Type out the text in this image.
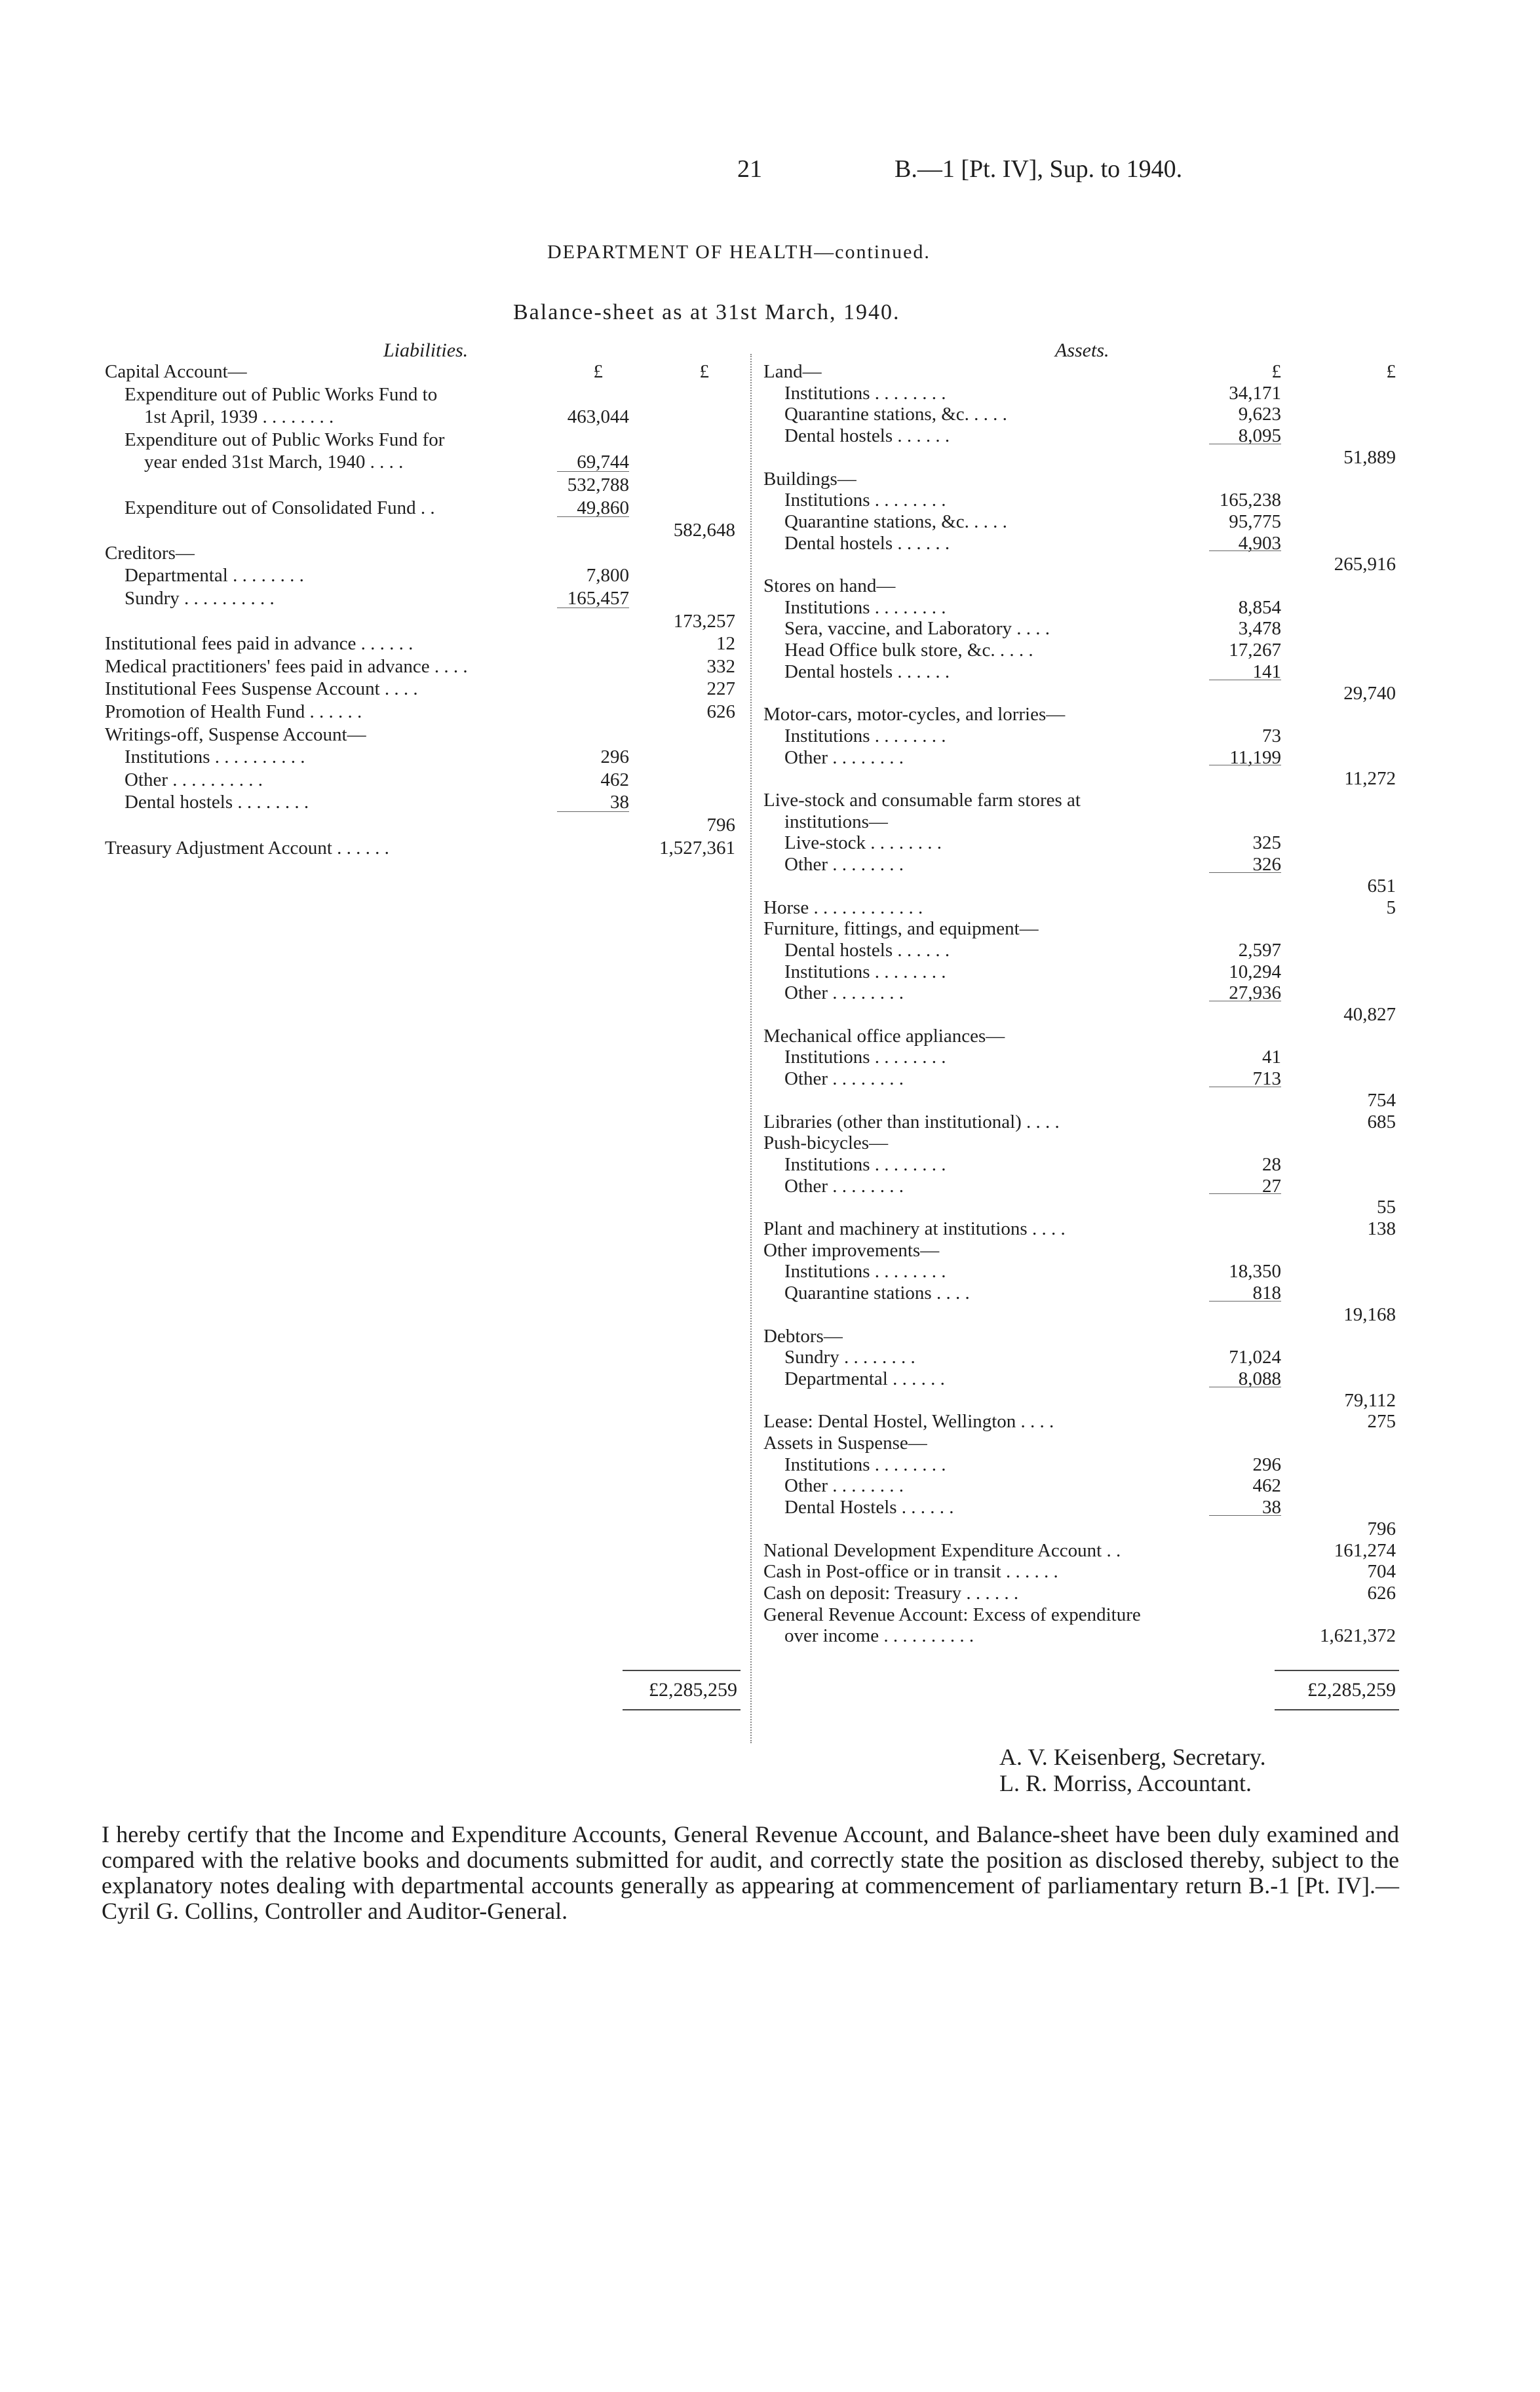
21	B.—1 [Pt. IV], Sup. to 1940.
DEPARTMENT OF HEALTH—continued.
Balance-sheet as at 31st March, 1940.
Liabilities.	Assets.
Capital Account—	£	£
Expenditure out of Public Works Fund to
1st April, 1939 . . . . . . . .	463,044
Expenditure out of Public Works Fund for
year ended 31st March, 1940 . . . .	69,744
532,788
Expenditure out of Consolidated Fund . .	49,860
582,648
Creditors—
Departmental . . . . . . . .	7,800
Sundry . . . . . . . . . .	165,457
173,257
Institutional fees paid in advance . . . . . .	12
Medical practitioners' fees paid in advance . . . .	332
Institutional Fees Suspense Account . . . .	227
Promotion of Health Fund . . . . . .	626
Writings-off, Suspense Account—
Institutions . . . . . . . . . .	296
Other . . . . . . . . . .	462
Dental hostels . . . . . . . .	38
796
Treasury Adjustment Account . . . . . .	1,527,361
Land—	£	£
Institutions . . . . . . . .	34,171
Quarantine stations, &c. . . . .	9,623
Dental hostels . . . . . .	8,095
51,889
Buildings—
Institutions . . . . . . . .	165,238
Quarantine stations, &c. . . . .	95,775
Dental hostels . . . . . .	4,903
265,916
Stores on hand—
Institutions . . . . . . . .	8,854
Sera, vaccine, and Laboratory . . . .	3,478
Head Office bulk store, &c. . . . .	17,267
Dental hostels . . . . . .	141
29,740
Motor-cars, motor-cycles, and lorries—
Institutions . . . . . . . .	73
Other . . . . . . . .	11,199
11,272
Live-stock and consumable farm stores at
institutions—
Live-stock . . . . . . . .	325
Other . . . . . . . .	326
651
Horse . . . . . . . . . . . .	5
Furniture, fittings, and equipment—
Dental hostels . . . . . .	2,597
Institutions . . . . . . . .	10,294
Other . . . . . . . .	27,936
40,827
Mechanical office appliances—
Institutions . . . . . . . .	41
Other . . . . . . . .	713
754
Libraries (other than institutional) . . . .	685
Push-bicycles—
Institutions . . . . . . . .	28
Other . . . . . . . .	27
55
Plant and machinery at institutions . . . .	138
Other improvements—
Institutions . . . . . . . .	18,350
Quarantine stations . . . .	818
19,168
Debtors—
Sundry . . . . . . . .	71,024
Departmental . . . . . .	8,088
79,112
Lease: Dental Hostel, Wellington . . . .	275
Assets in Suspense—
Institutions . . . . . . . .	296
Other . . . . . . . .	462
Dental Hostels . . . . . .	38
796
National Development Expenditure Account . .	161,274
Cash in Post-office or in transit . . . . . .	704
Cash on deposit: Treasury . . . . . .	626
General Revenue Account: Excess of expenditure
over income . . . . . . . . . .	1,621,372
£2,285,259	£2,285,259
A. V. Keisenberg, Secretary.
L. R. Morriss, Accountant.
I hereby certify that the Income and Expenditure Accounts, General Revenue Account, and Balance-sheet have been duly examined and compared with the relative books and documents submitted for audit, and correctly state the position as disclosed thereby, subject to the explanatory notes dealing with departmental accounts generally as appearing at commencement of parliamentary return B.-1 [Pt. IV].—Cyril G. Collins, Controller and Auditor-General.
